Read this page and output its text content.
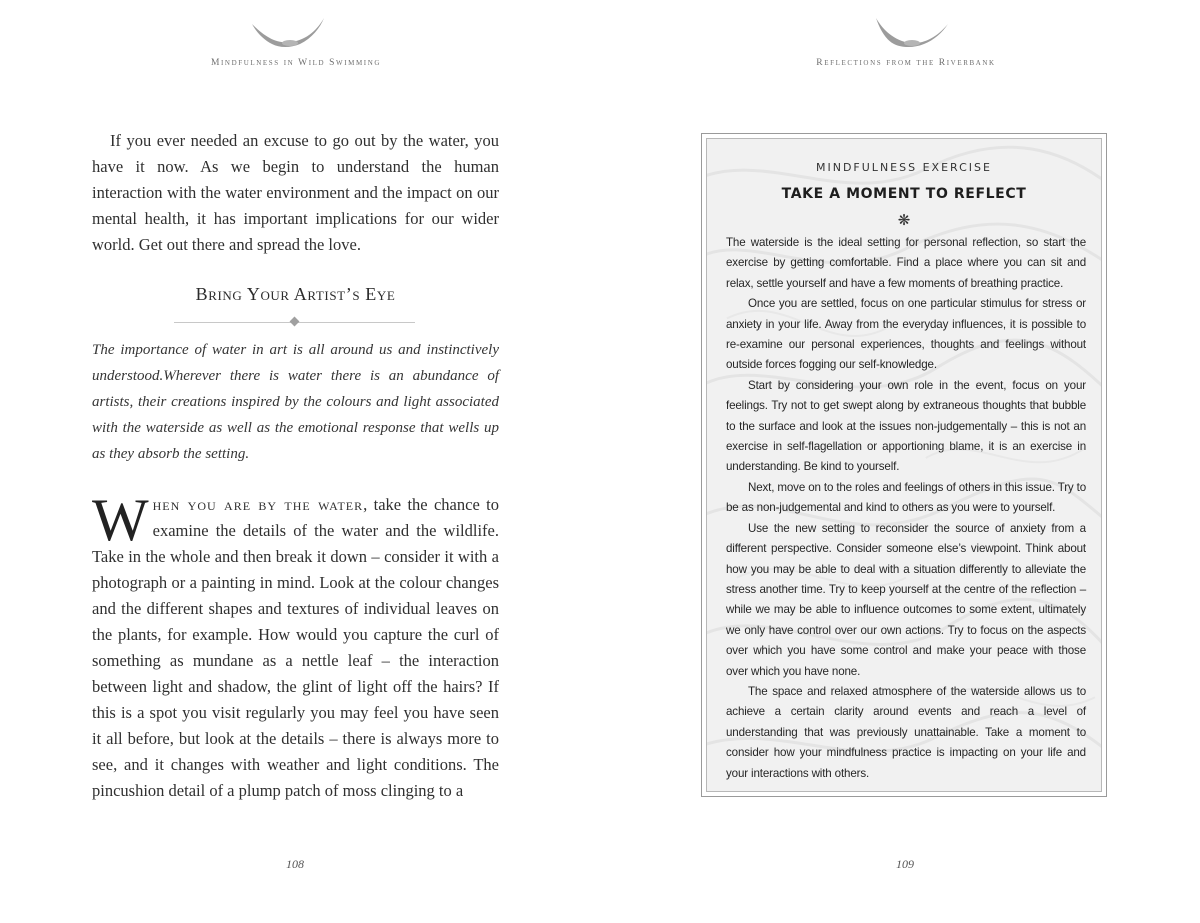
Mindfulness in Wild Swimming
If you ever needed an excuse to go out by the water, you have it now. As we begin to understand the human interaction with the water environment and the impact on our mental health, it has important implications for our wider world. Get out there and spread the love.
Bring Your Artist’s Eye
The importance of water in art is all around us and instinctively understood.Wherever there is water there is an abundance of artists, their creations inspired by the colours and light associated with the waterside as well as the emotional response that wells up as they absorb the setting.
When you are by the water, take the chance to examine the details of the water and the wildlife. Take in the whole and then break it down – consider it with a photograph or a painting in mind. Look at the colour changes and the different shapes and textures of individual leaves on the plants, for example. How would you capture the curl of something as mundane as a nettle leaf – the interaction between light and shadow, the glint of light off the hairs? If this is a spot you visit regularly you may feel you have seen it all before, but look at the details – there is always more to see, and it changes with weather and light conditions. The pincushion detail of a plump patch of moss clinging to a
108
Reflections from the Riverbank
MINDFULNESS EXERCISE
TAKE A MOMENT TO REFLECT
❋

The waterside is the ideal setting for personal reflection, so start the exercise by getting comfortable. Find a place where you can sit and relax, settle yourself and have a few moments of breathing practice.

Once you are settled, focus on one particular stimulus for stress or anxiety in your life. Away from the everyday influences, it is possible to re-examine our personal experiences, thoughts and feelings without outside forces fogging our self-knowledge.

Start by considering your own role in the event, focus on your feelings. Try not to get swept along by extraneous thoughts that bubble to the surface and look at the issues non-judgementally – this is not an exercise in self-flagellation or apportioning blame, it is an exercise in understanding. Be kind to yourself.

Next, move on to the roles and feelings of others in this issue. Try to be as non-judgemental and kind to others as you were to yourself.

Use the new setting to reconsider the source of anxiety from a different perspective. Consider someone else’s viewpoint. Think about how you may be able to deal with a situation differently to alleviate the stress another time. Try to keep yourself at the centre of the reflection – while we may be able to influence outcomes to some extent, ultimately we only have control over our own actions. Try to focus on the aspects over which you have some control and make your peace with those over which you have none.

The space and relaxed atmosphere of the waterside allows us to achieve a certain clarity around events and reach a level of understanding that was previously unattainable. Take a moment to consider how your mindfulness practice is impacting on your life and your interactions with others.

109
